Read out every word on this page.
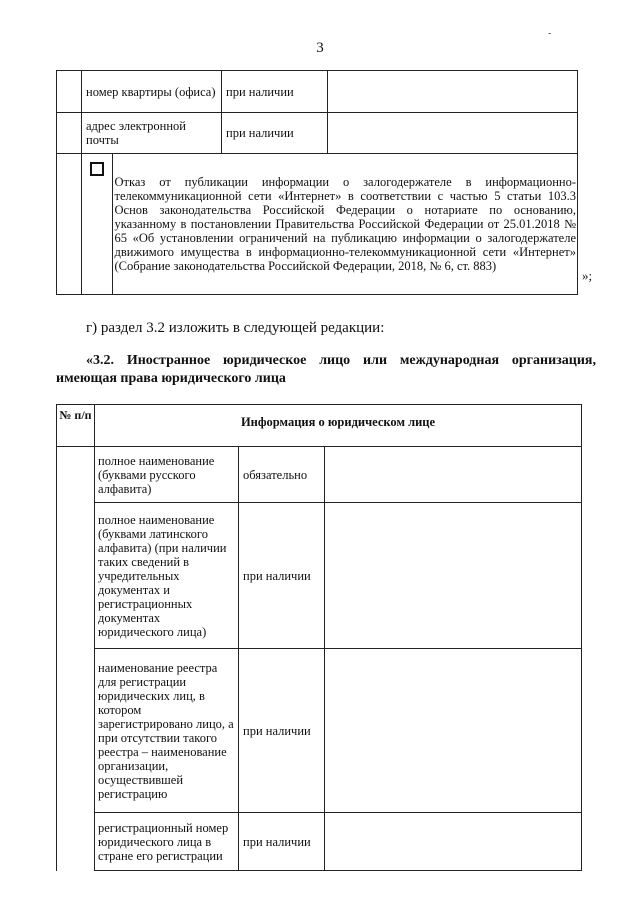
3
-
	номер квартиры (офиса)	при наличии	
	адрес электронной почты	при наличии	

	Отказ от публикации информации о залогодержателе в информационно-телекоммуникационной сети «Интернет» в соответствии с частью 5 статьи 103.3 Основ законодательства Российской Федерации о нотариате по основанию, указанному в постановлении Правительства Российской Федерации от 25.01.2018 № 65 «Об установлении ограничений на публикацию информации о залогодержателе движимого имущества в информационно-телекоммуникационной сети «Интернет» (Собрание законодательства Российской Федерации, 2018, № 6, ст. 883)
»;
г) раздел 3.2 изложить в следующей редакции:
«3.2. Иностранное юридическое лицо или международная организация,
имеющая права юридического лица
№ п/п	Информация о юридическом лице		
	полное наименование (буквами русского алфавита)	обязательно	
	полное наименование (буквами латинского алфавита) (при наличии таких сведений в учредительных документах и регистрационных документах юридического лица)	при наличии	
	наименование реестра для регистрации юридических лиц, в котором зарегистрировано лицо, а при отсутствии такого реестра – наименование организации, осуществившей регистрацию	при наличии	
	регистрационный номер юридического лица в стране его регистрации	при наличии	
